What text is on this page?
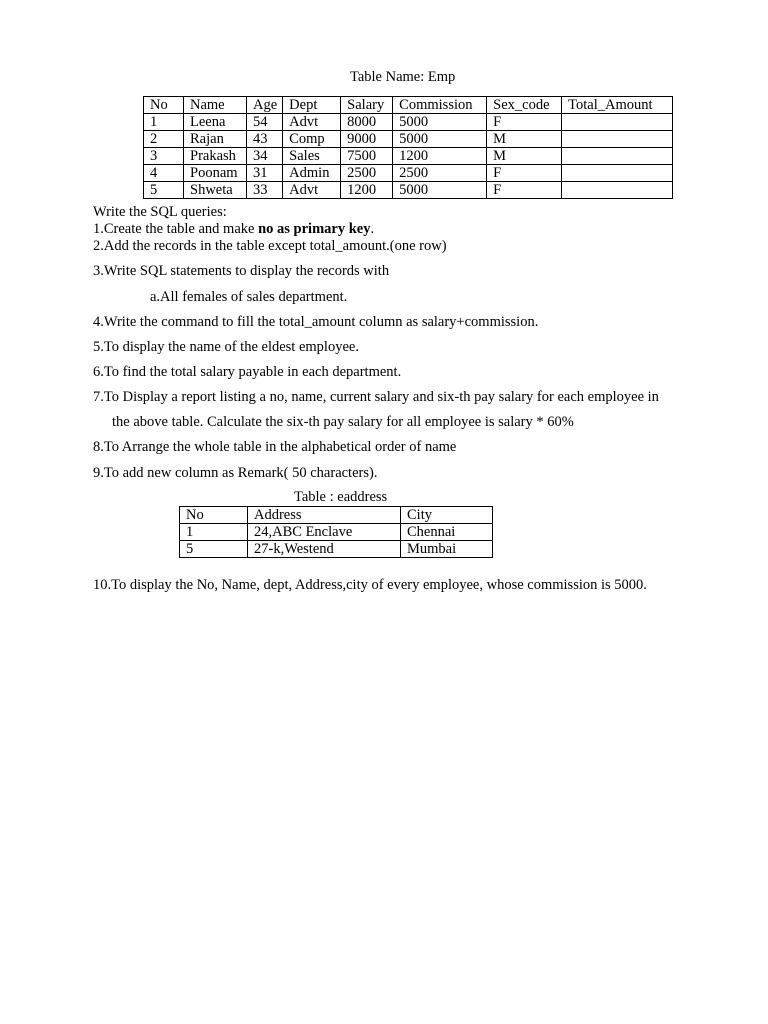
Table Name: Emp
No	Name	Age	Dept	Salary	Commission	Sex_code	Total_Amount
1	Leena	54	Advt	8000	5000	F	
2	Rajan	43	Comp	9000	5000	M	
3	Prakash	34	Sales	7500	1200	M	
4	Poonam	31	Admin	2500	2500	F	
5	Shweta	33	Advt	1200	5000	F	
Write the SQL queries:
1.Create the table and make no as primary key.
2.Add the records in the table except total_amount.(one row)
3.Write SQL statements to display the records with
a.All females of sales department.
4.Write the command to fill the total_amount column as salary+commission.
5.To display the name of the eldest employee.
6.To find the total salary payable in each department.
7.To Display a report listing a no, name, current salary and six-th pay salary for each employee in
the above table. Calculate the six-th pay salary for all employee is salary * 60%
8.To Arrange the whole table in the alphabetical order of name
9.To add new column as Remark( 50 characters).
Table : eaddress
No	Address	City
1	24,ABC Enclave	Chennai
5	27-k,Westend	Mumbai
10.To display the No, Name, dept, Address,city of every employee, whose commission is 5000.
